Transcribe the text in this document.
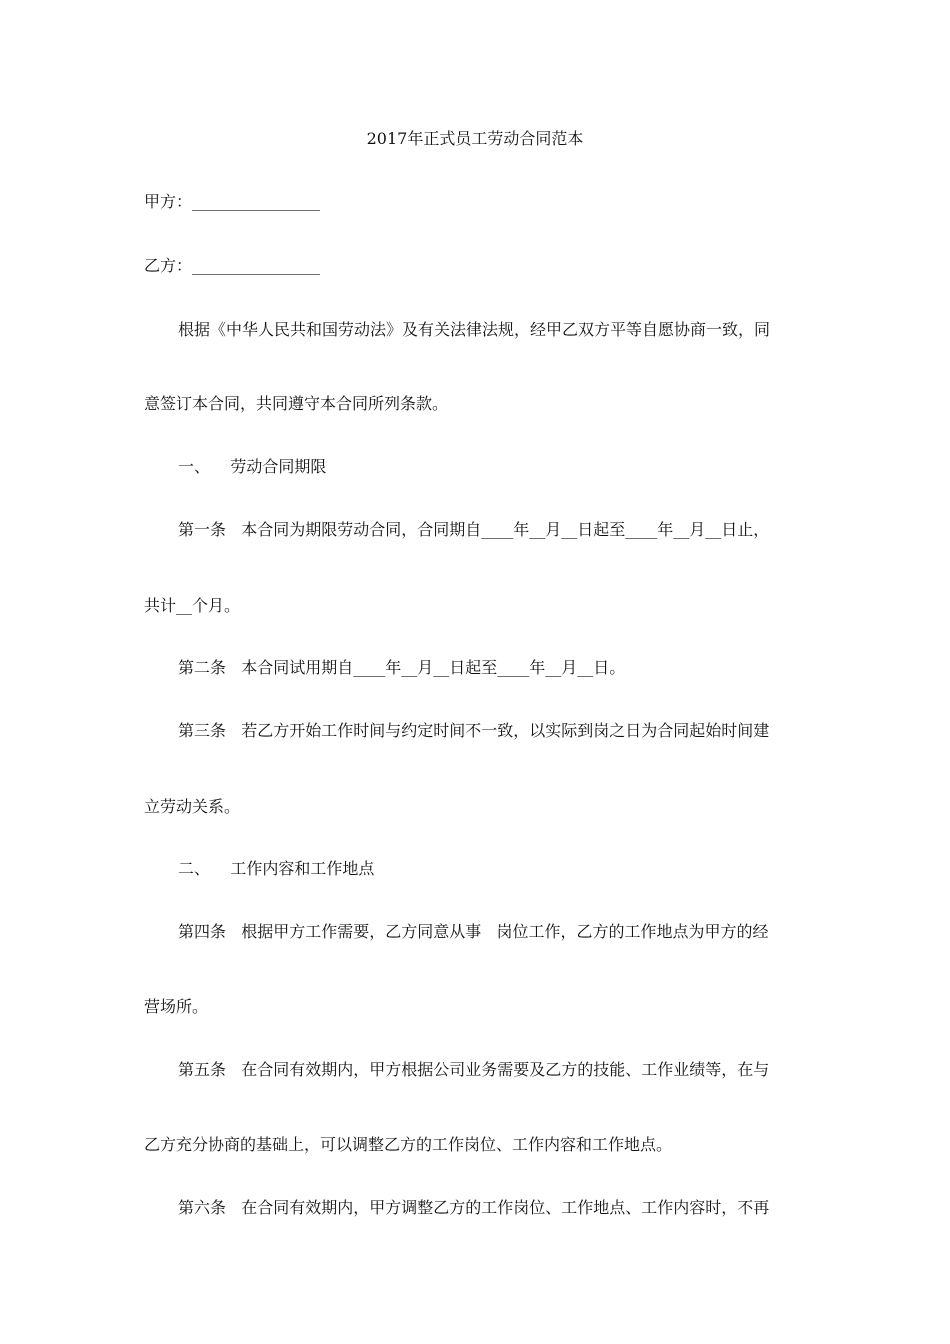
2017年正式员工劳动合同范本

甲方：________________

乙方：________________

根据《中华人民共和国劳动法》及有关法律法规，经甲乙双方平等自愿协商一致，同

意签订本合同，共同遵守本合同所列条款。

一、    劳动合同期限

第一条   本合同为期限劳动合同，合同期自____年__月__日起至____年__月__日止，

共计__个月。

第二条   本合同试用期自____年__月__日起至____年__月__日。

第三条   若乙方开始工作时间与约定时间不一致，以实际到岗之日为合同起始时间建

立劳动关系。

二、    工作内容和工作地点

第四条   根据甲方工作需要，乙方同意从事   岗位工作，乙方的工作地点为甲方的经

营场所。

第五条   在合同有效期内，甲方根据公司业务需要及乙方的技能、工作业绩等，在与

乙方充分协商的基础上，可以调整乙方的工作岗位、工作内容和工作地点。

第六条   在合同有效期内，甲方调整乙方的工作岗位、工作地点、工作内容时，不再
